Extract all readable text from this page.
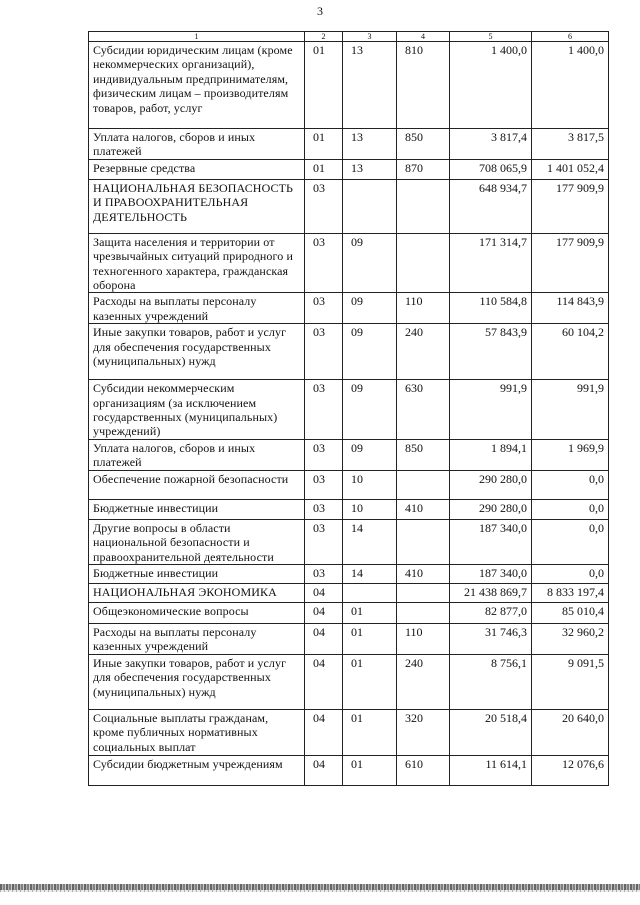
3
1	2	3	4	5	6
Субсидии юридическим лицам (кроме некоммерческих организаций), индивидуальным предпринимателям, физическим лицам – производителям товаров, работ, услуг	01	13	810	1 400,0	1 400,0
Уплата налогов, сборов и иных платежей	01	13	850	3 817,4	3 817,5
Резервные средства	01	13	870	708 065,9	1 401 052,4
НАЦИОНАЛЬНАЯ БЕЗОПАСНОСТЬ И ПРАВООХРАНИТЕЛЬНАЯ ДЕЯТЕЛЬНОСТЬ	03			648 934,7	177 909,9
Защита населения и территории от чрезвычайных ситуаций природного и техногенного характера, гражданская оборона	03	09		171 314,7	177 909,9
Расходы на выплаты персоналу казенных учреждений	03	09	110	110 584,8	114 843,9
Иные закупки товаров, работ и услуг для обеспечения государственных (муниципальных) нужд	03	09	240	57 843,9	60 104,2
Субсидии некоммерческим организациям (за исключением государственных (муниципальных) учреждений)	03	09	630	991,9	991,9
Уплата налогов, сборов и иных платежей	03	09	850	1 894,1	1 969,9
Обеспечение пожарной безопасности	03	10		290 280,0	0,0
Бюджетные инвестиции	03	10	410	290 280,0	0,0
Другие вопросы в области национальной безопасности и правоохранительной деятельности	03	14		187 340,0	0,0
Бюджетные инвестиции	03	14	410	187 340,0	0,0
НАЦИОНАЛЬНАЯ ЭКОНОМИКА	04			21 438 869,7	8 833 197,4
Общеэкономические вопросы	04	01		82 877,0	85 010,4
Расходы на выплаты персоналу казенных учреждений	04	01	110	31 746,3	32 960,2
Иные закупки товаров, работ и услуг для обеспечения государственных (муниципальных) нужд	04	01	240	8 756,1	9 091,5
Социальные выплаты гражданам, кроме публичных нормативных социальных выплат	04	01	320	20 518,4	20 640,0
Субсидии бюджетным учреждениям	04	01	610	11 614,1	12 076,6
